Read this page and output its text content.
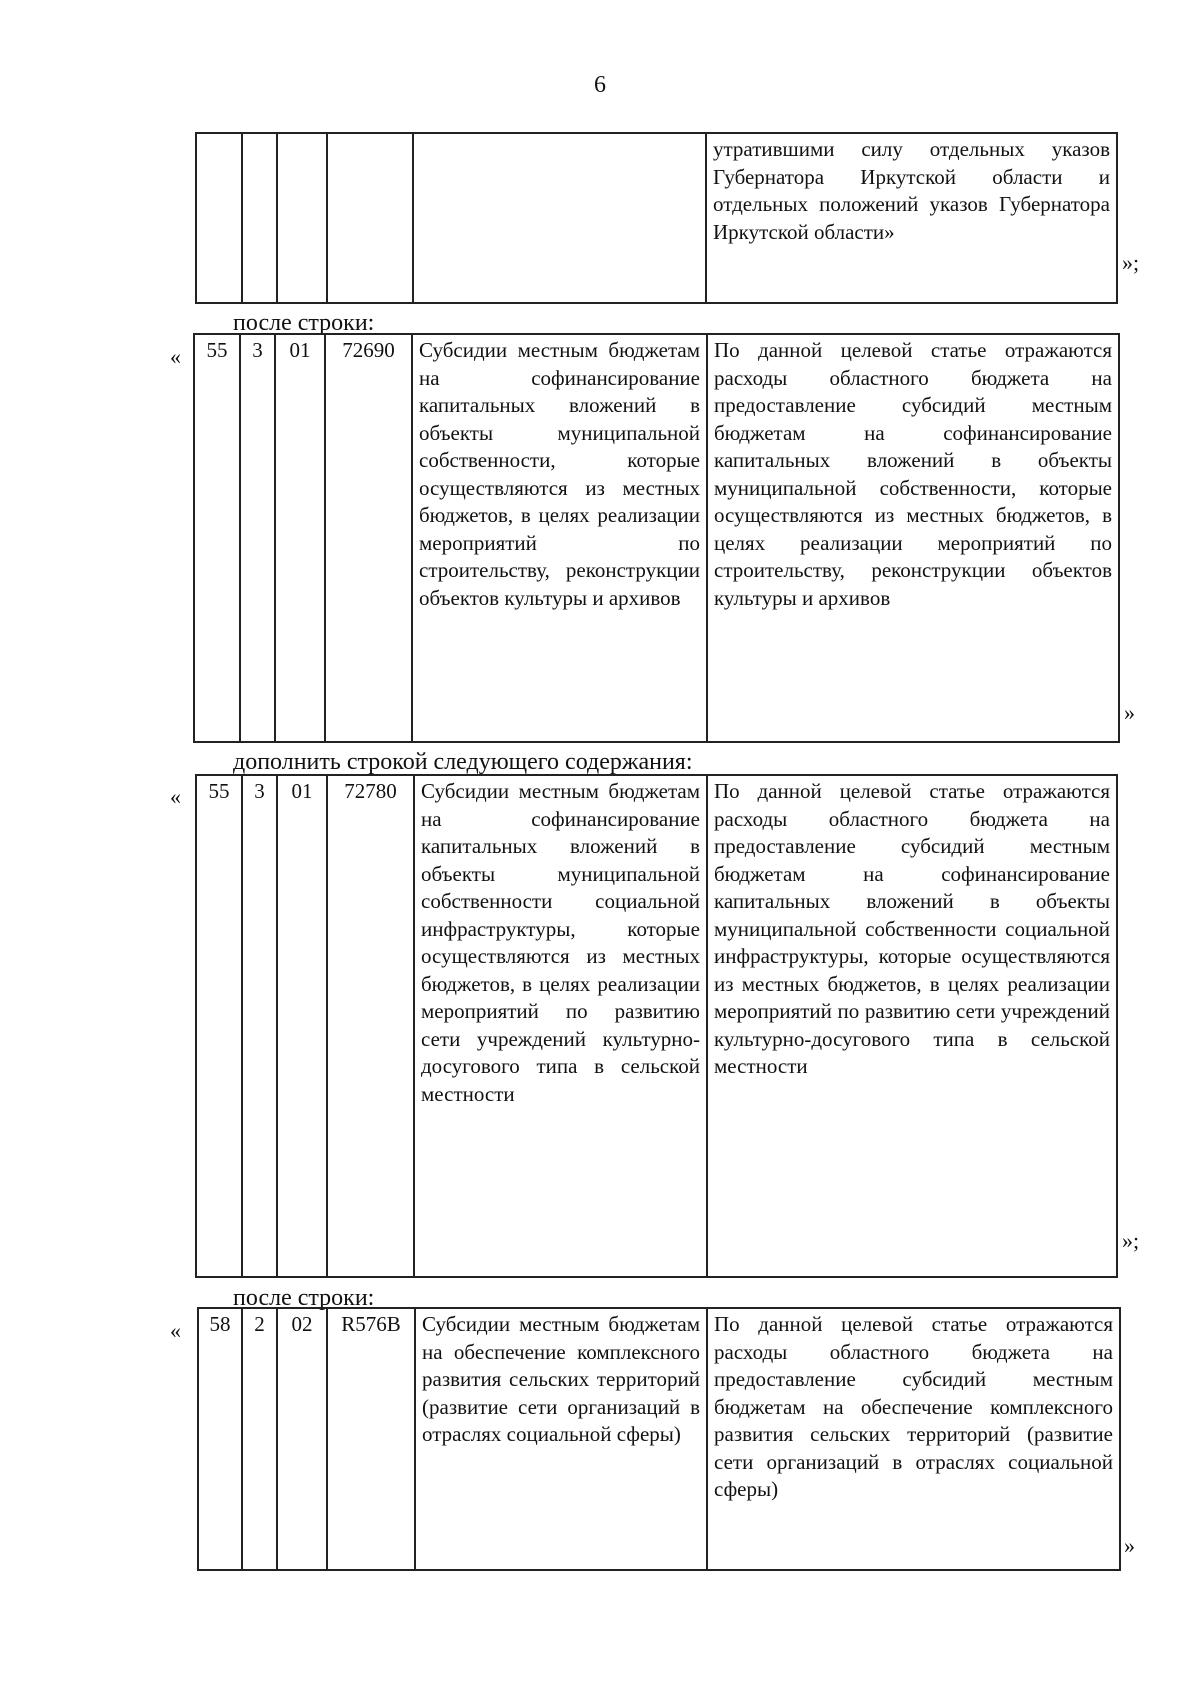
6
					утратившими силу отдельных указов Губернатора Иркутской области и отдельных положений указов Губернатора Иркутской области»
»;
после строки:
« 55	3	01	72690	Субсидии местным бюджетам на софинансирование капитальных вложений в объекты муниципальной собственности, которые осуществляются из местных бюджетов, в целях реализации мероприятий по строительству, реконструкции объектов культуры и архивов	По данной целевой статье отражаются расходы областного бюджета на предоставление субсидий местным бюджетам на софинансирование капитальных вложений в объекты муниципальной собственности, которые осуществляются из местных бюджетов, в целях реализации мероприятий по строительству, реконструкции объектов культуры и архивов
»
дополнить строкой следующего содержания:
« 55	3	01	72780	Субсидии местным бюджетам на софинансирование капитальных вложений в объекты муниципальной собственности социальной инфраструктуры, которые осуществляются из местных бюджетов, в целях реализации мероприятий по развитию сети учреждений культурно-досугового типа в сельской местности	По данной целевой статье отражаются расходы областного бюджета на предоставление субсидий местным бюджетам на софинансирование капитальных вложений в объекты муниципальной собственности социальной инфраструктуры, которые осуществляются из местных бюджетов, в целях реализации мероприятий по развитию сети учреждений культурно-досугового типа в сельской местности
»;
после строки:
« 58	2	02	R576B	Субсидии местным бюджетам на обеспечение комплексного развития сельских территорий (развитие сети организаций в отраслях социальной сферы)	По данной целевой статье отражаются расходы областного бюджета на предоставление субсидий местным бюджетам на обеспечение комплексного развития сельских территорий (развитие сети организаций в отраслях социальной сферы)
»
